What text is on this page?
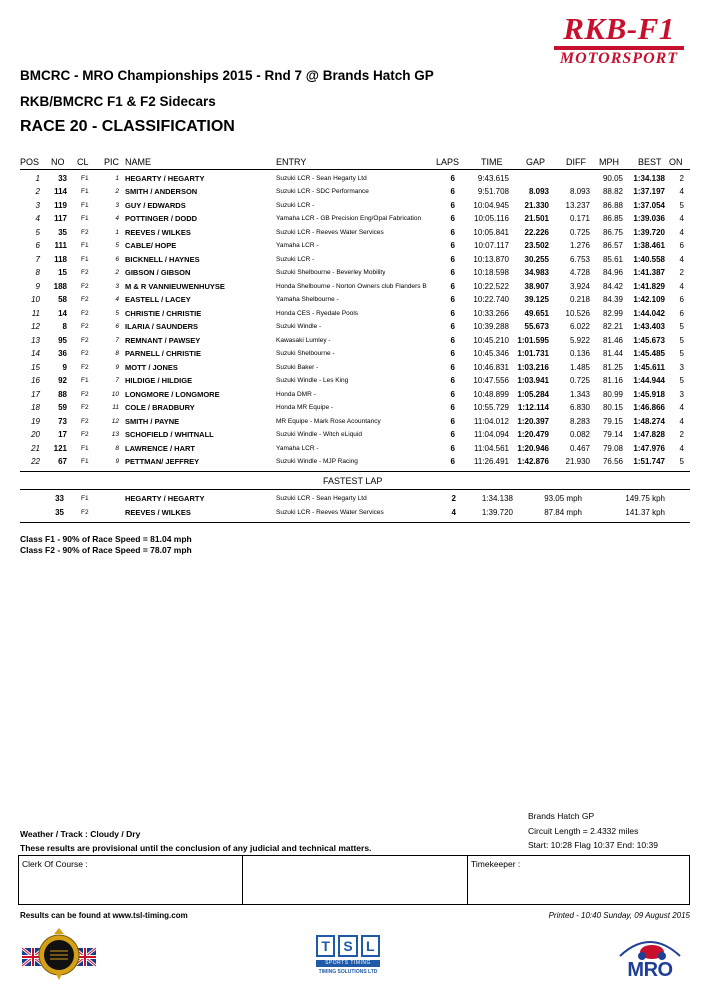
RKB-F1
MOTORSPORT
BMCRC - MRO Championships 2015 - Rnd 7 @ Brands Hatch GP
RKB/BMCRC F1 & F2 Sidecars
RACE 20 - CLASSIFICATION
POS NO CL PIC NAME	ENTRY	LAPS TIME	GAP DIFF MPH BEST ON
1	33 F1	1 HEGARTY / HEGARTY	Suzuki LCR - Sean Hegarty Ltd	6	9:43.615	90.05	1:34.138	2
2	114 F1	2 SMITH / ANDERSON	Suzuki LCR - SDC Performance	6	9:51.708	8.093	8.093	88.82	1:37.197	4
3	119 F1	3 GUY / EDWARDS	Suzuki LCR -	6	10:04.945	21.330	13.237	86.88	1:37.054	5
4	117 F1	4 POTTINGER / DODD	Yamaha LCR - GB Precision Eng/Opal Fabrication	6	10:05.116	21.501	0.171	86.85	1:39.036	4
5	35 F2	1 REEVES / WILKES	Suzuki LCR - Reeves Water Services	6	10:05.841	22.226	0.725	86.75	1:39.720	4
6	111 F1	5 CABLE/ HOPE	Yamaha LCR -	6	10:07.117	23.502	1.276	86.57	1:38.461	6
7	118 F1	6 BICKNELL / HAYNES	Suzuki LCR -	6	10:13.870	30.255	6.753	85.61	1:40.558	4
8	15 F2	2 GIBSON / GIBSON	Suzuki Shelbourne - Beverley Mobility	6	10:18.598	34.983	4.728	84.96	1:41.387	2
9	188 F2	3 M & R VANNIEUWENHUYSE	Honda Shelbourne - Norton Owners club Flanders B	6	10:22.522	38.907	3.924	84.42	1:41.829	4
10	58 F2	4 EASTELL / LACEY	Yamaha Shelbourne -	6	10:22.740	39.125	0.218	84.39	1:42.109	6
11	14 F2	5 CHRISTIE / CHRISTIE	Honda CES - Ryedale Pools	6	10:33.266	49.651	10.526	82.99	1:44.042	6
12	8 F2	6 ILARIA / SAUNDERS	Suzuki Windle -	6	10:39.288	55.673	6.022	82.21	1:43.403	5
13	95 F2	7 REMNANT / PAWSEY	Kawasaki Lumley -	6	10:45.210	1:01.595	5.922	81.46	1:45.673	5
14	36 F2	8 PARNELL / CHRISTIE	Suzuki Shelbourne -	6	10:45.346	1:01.731	0.136	81.44	1:45.485	5
15	9 F2	9 MOTT / JONES	Suzuki Baker -	6	10:46.831	1:03.216	1.485	81.25	1:45.611	3
16	92 F1	7 HILDIGE / HILDIGE	Suzuki Windle - Les King	6	10:47.556	1:03.941	0.725	81.16	1:44.944	5
17	88 F2	10 LONGMORE / LONGMORE	Honda DMR -	6	10:48.899	1:05.284	1.343	80.99	1:45.918	3
18	59 F2	11 COLE / BRADBURY	Honda MR Equipe -	6	10:55.729	1:12.114	6.830	80.15	1:46.866	4
19	73 F2	12 SMITH / PAYNE	MR Equipe - Mark Rose Acountancy	6	11:04.012	1:20.397	8.283	79.15	1:48.274	4
20	17 F2	13 SCHOFIELD / WHITNALL	Suzuki Windle - Witch eLiquid	6	11:04.094	1:20.479	0.082	79.14	1:47.828	2
21	121 F1	8 LAWRENCE / HART	Yamaha LCR -	6	11:04.561	1:20.946	0.467	79.08	1:47.976	4
22	67 F1	9 PETTMAN/ JEFFREY	Suzuki Windle - MJP Racing	6	11:26.491	1:42.876	21.930	76.56	1:51.747	5
FASTEST LAP
33	F1	HEGARTY / HEGARTY	Suzuki LCR - Sean Hegarty Ltd	2	1:34.138	93.05 mph	149.75 kph
35	F2	REEVES / WILKES	Suzuki LCR - Reeves Water Services	4	1:39.720	87.84 mph	141.37 kph
Class F1 - 90% of Race Speed = 81.04 mph
Class F2 - 90% of Race Speed = 78.07 mph
Brands Hatch GP
Circuit Length = 2.4332 miles
Start: 10:28 Flag 10:37 End: 10:39
Weather / Track : Cloudy / Dry
These results are provisional until the conclusion of any judicial and technical matters.
Clerk Of Course :	Timekeeper :
Results can be found at www.tsl-timing.com	Printed - 10:40 Sunday, 09 August 2015
T S L
SPORTS TIMING
TIMING SOLUTIONS LTD	MRO
